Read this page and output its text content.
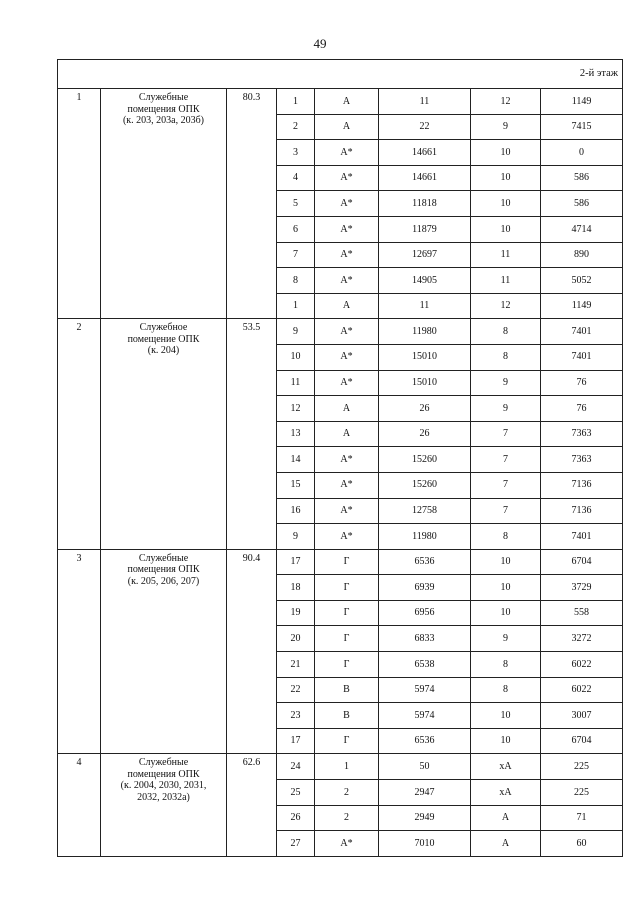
49
2-й этаж							
1	Служебные
помещения ОПК
(к. 203, 203а, 203б)	80.3	1	А	11	12	1149
			2	А	22	9	7415
			3	А*	14661	10	0
			4	А*	14661	10	586
			5	А*	11818	10	586
			6	А*	11879	10	4714
			7	А*	12697	11	890
			8	А*	14905	11	5052
			1	А	11	12	1149
2	Служебное
помещение ОПК
(к. 204)	53.5	9	А*	11980	8	7401
			10	А*	15010	8	7401
			11	А*	15010	9	76
			12	А	26	9	76
			13	А	26	7	7363
			14	А*	15260	7	7363
			15	А*	15260	7	7136
			16	А*	12758	7	7136
			9	А*	11980	8	7401
3	Служебные
помещения ОПК
(к. 205, 206, 207)	90.4	17	Г	6536	10	6704
			18	Г	6939	10	3729
			19	Г	6956	10	558
			20	Г	6833	9	3272
			21	Г	6538	8	6022
			22	В	5974	8	6022
			23	В	5974	10	3007
			17	Г	6536	10	6704
4	Служебные
помещения ОПК
(к. 2004, 2030, 2031,
2032, 2032а)	62.6	24	1	50	хА	225
			25	2	2947	хА	225
			26	2	2949	А	71
			27	А*	7010	А	60
